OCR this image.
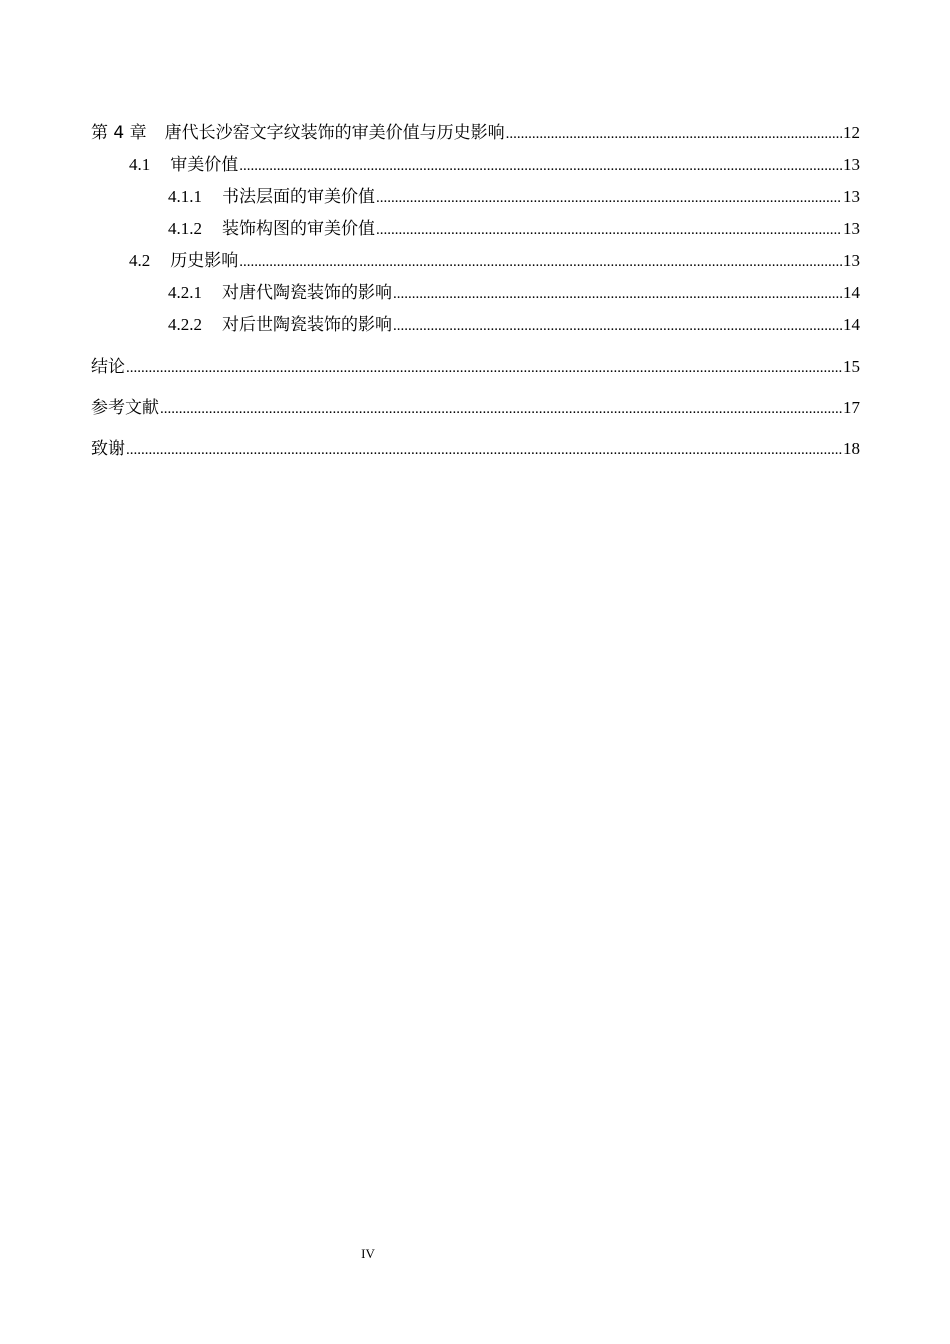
第 4 章 唐代长沙窑文字纹装饰的审美价值与历史影响 .....	12
4.1 审美价值 .....	13
4.1.1 书法层面的审美价值 .....	13
4.1.2 装饰构图的审美价值 .....	13
4.2 历史影响 .....	13
4.2.1 对唐代陶瓷装饰的影响 .....	14
4.2.2 对后世陶瓷装饰的影响 .....	14
结论 .....	15
参考文献 .....	17
致谢 .....	18
IV
